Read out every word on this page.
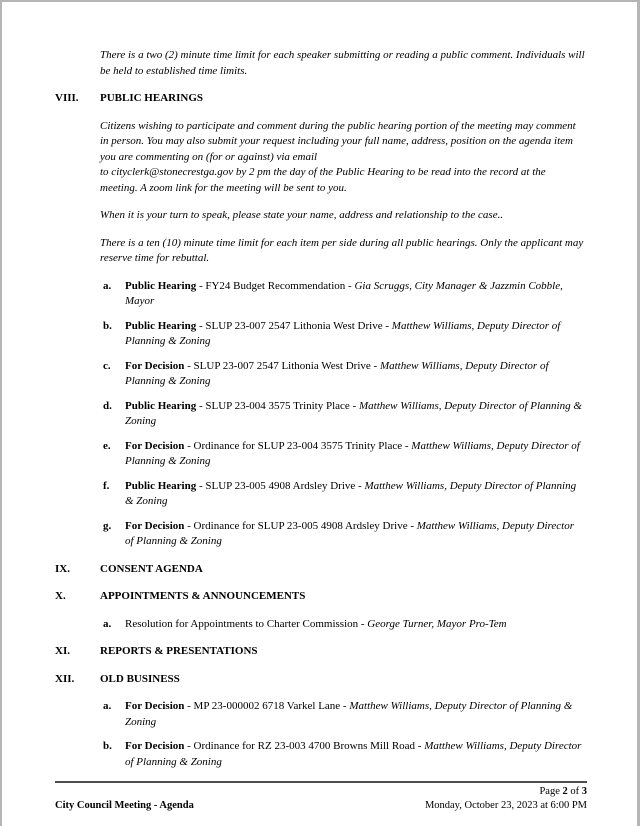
There is a two (2) minute time limit for each speaker submitting or reading a public comment. Individuals will be held to established time limits.

VIII.	PUBLIC HEARINGS

Citizens wishing to participate and comment during the public hearing portion of the meeting may comment in person. You may also submit your request including your full name, address, position on the agenda item you are commenting on (for or against) via email
to cityclerk@stonecrestga.gov by 2 pm the day of the Public Hearing to be read into the record at the meeting. A zoom link for the meeting will be sent to you.

When it is your turn to speak, please state your name, address and relationship to the case..

There is a ten (10) minute time limit for each item per side during all public hearings. Only the applicant may reserve time for rebuttal.

a.	Public Hearing - FY24 Budget Recommendation - Gia Scruggs, City Manager & Jazzmin Cobble, Mayor
b.	Public Hearing - SLUP 23-007 2547 Lithonia West Drive - Matthew Williams, Deputy Director of Planning & Zoning
c.	For Decision - SLUP 23-007 2547 Lithonia West Drive - Matthew Williams, Deputy Director of Planning & Zoning
d.	Public Hearing - SLUP 23-004 3575 Trinity Place - Matthew Williams, Deputy Director of Planning & Zoning
e.	For Decision - Ordinance for SLUP 23-004 3575 Trinity Place - Matthew Williams, Deputy Director of Planning & Zoning
f.	Public Hearing - SLUP 23-005 4908 Ardsley Drive - Matthew Williams, Deputy Director of Planning & Zoning
g.	For Decision - Ordinance for SLUP 23-005 4908 Ardsley Drive - Matthew Williams, Deputy Director of Planning & Zoning
IX.	CONSENT AGENDA
X.	APPOINTMENTS & ANNOUNCEMENTS
a.	Resolution for Appointments to Charter Commission - George Turner, Mayor Pro-Tem
XI.	REPORTS & PRESENTATIONS
XII.	OLD BUSINESS
a.	For Decision - MP 23-000002 6718 Varkel Lane - Matthew Williams, Deputy Director of Planning & Zoning
b.	For Decision - Ordinance for RZ 23-003 4700 Browns Mill Road - Matthew Williams, Deputy Director of Planning & Zoning
Page 2 of 3
City Council Meeting - Agenda	Monday, October 23, 2023 at 6:00 PM
